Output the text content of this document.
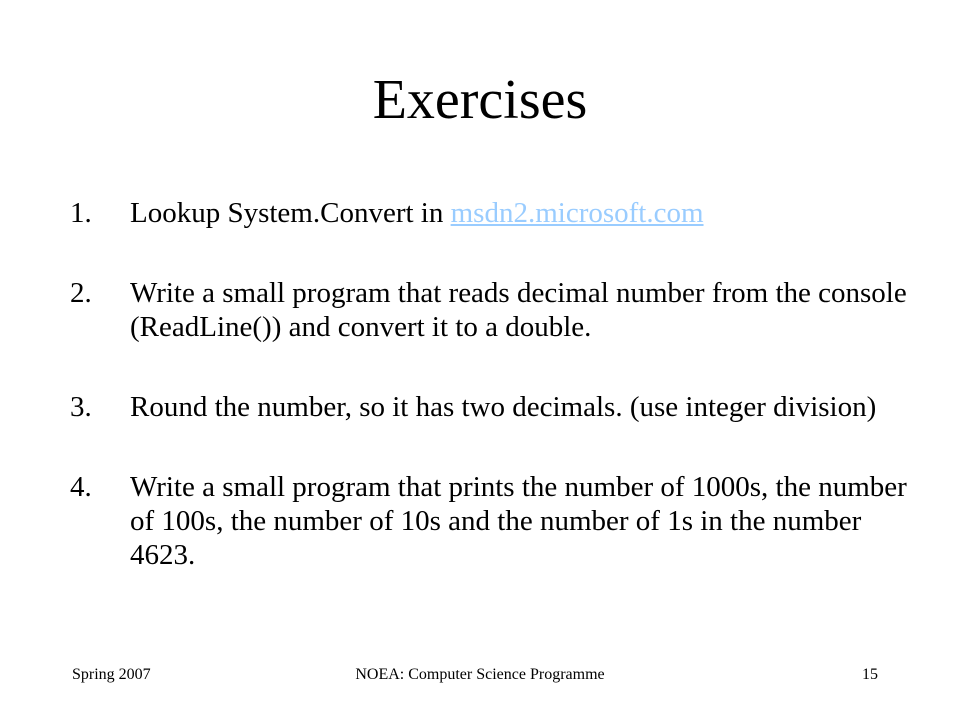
Exercises
1. Lookup System.Convert in msdn2.microsoft.com
2. Write a small program that reads decimal number from the console (ReadLine()) and convert it to a double.
3. Round the number, so it has two decimals. (use integer division)
4. Write a small program that prints the number of 1000s, the number of 100s, the number of 10s and the number of 1s in the number 4623.
Spring 2007	NOEA: Computer Science Programme	15
